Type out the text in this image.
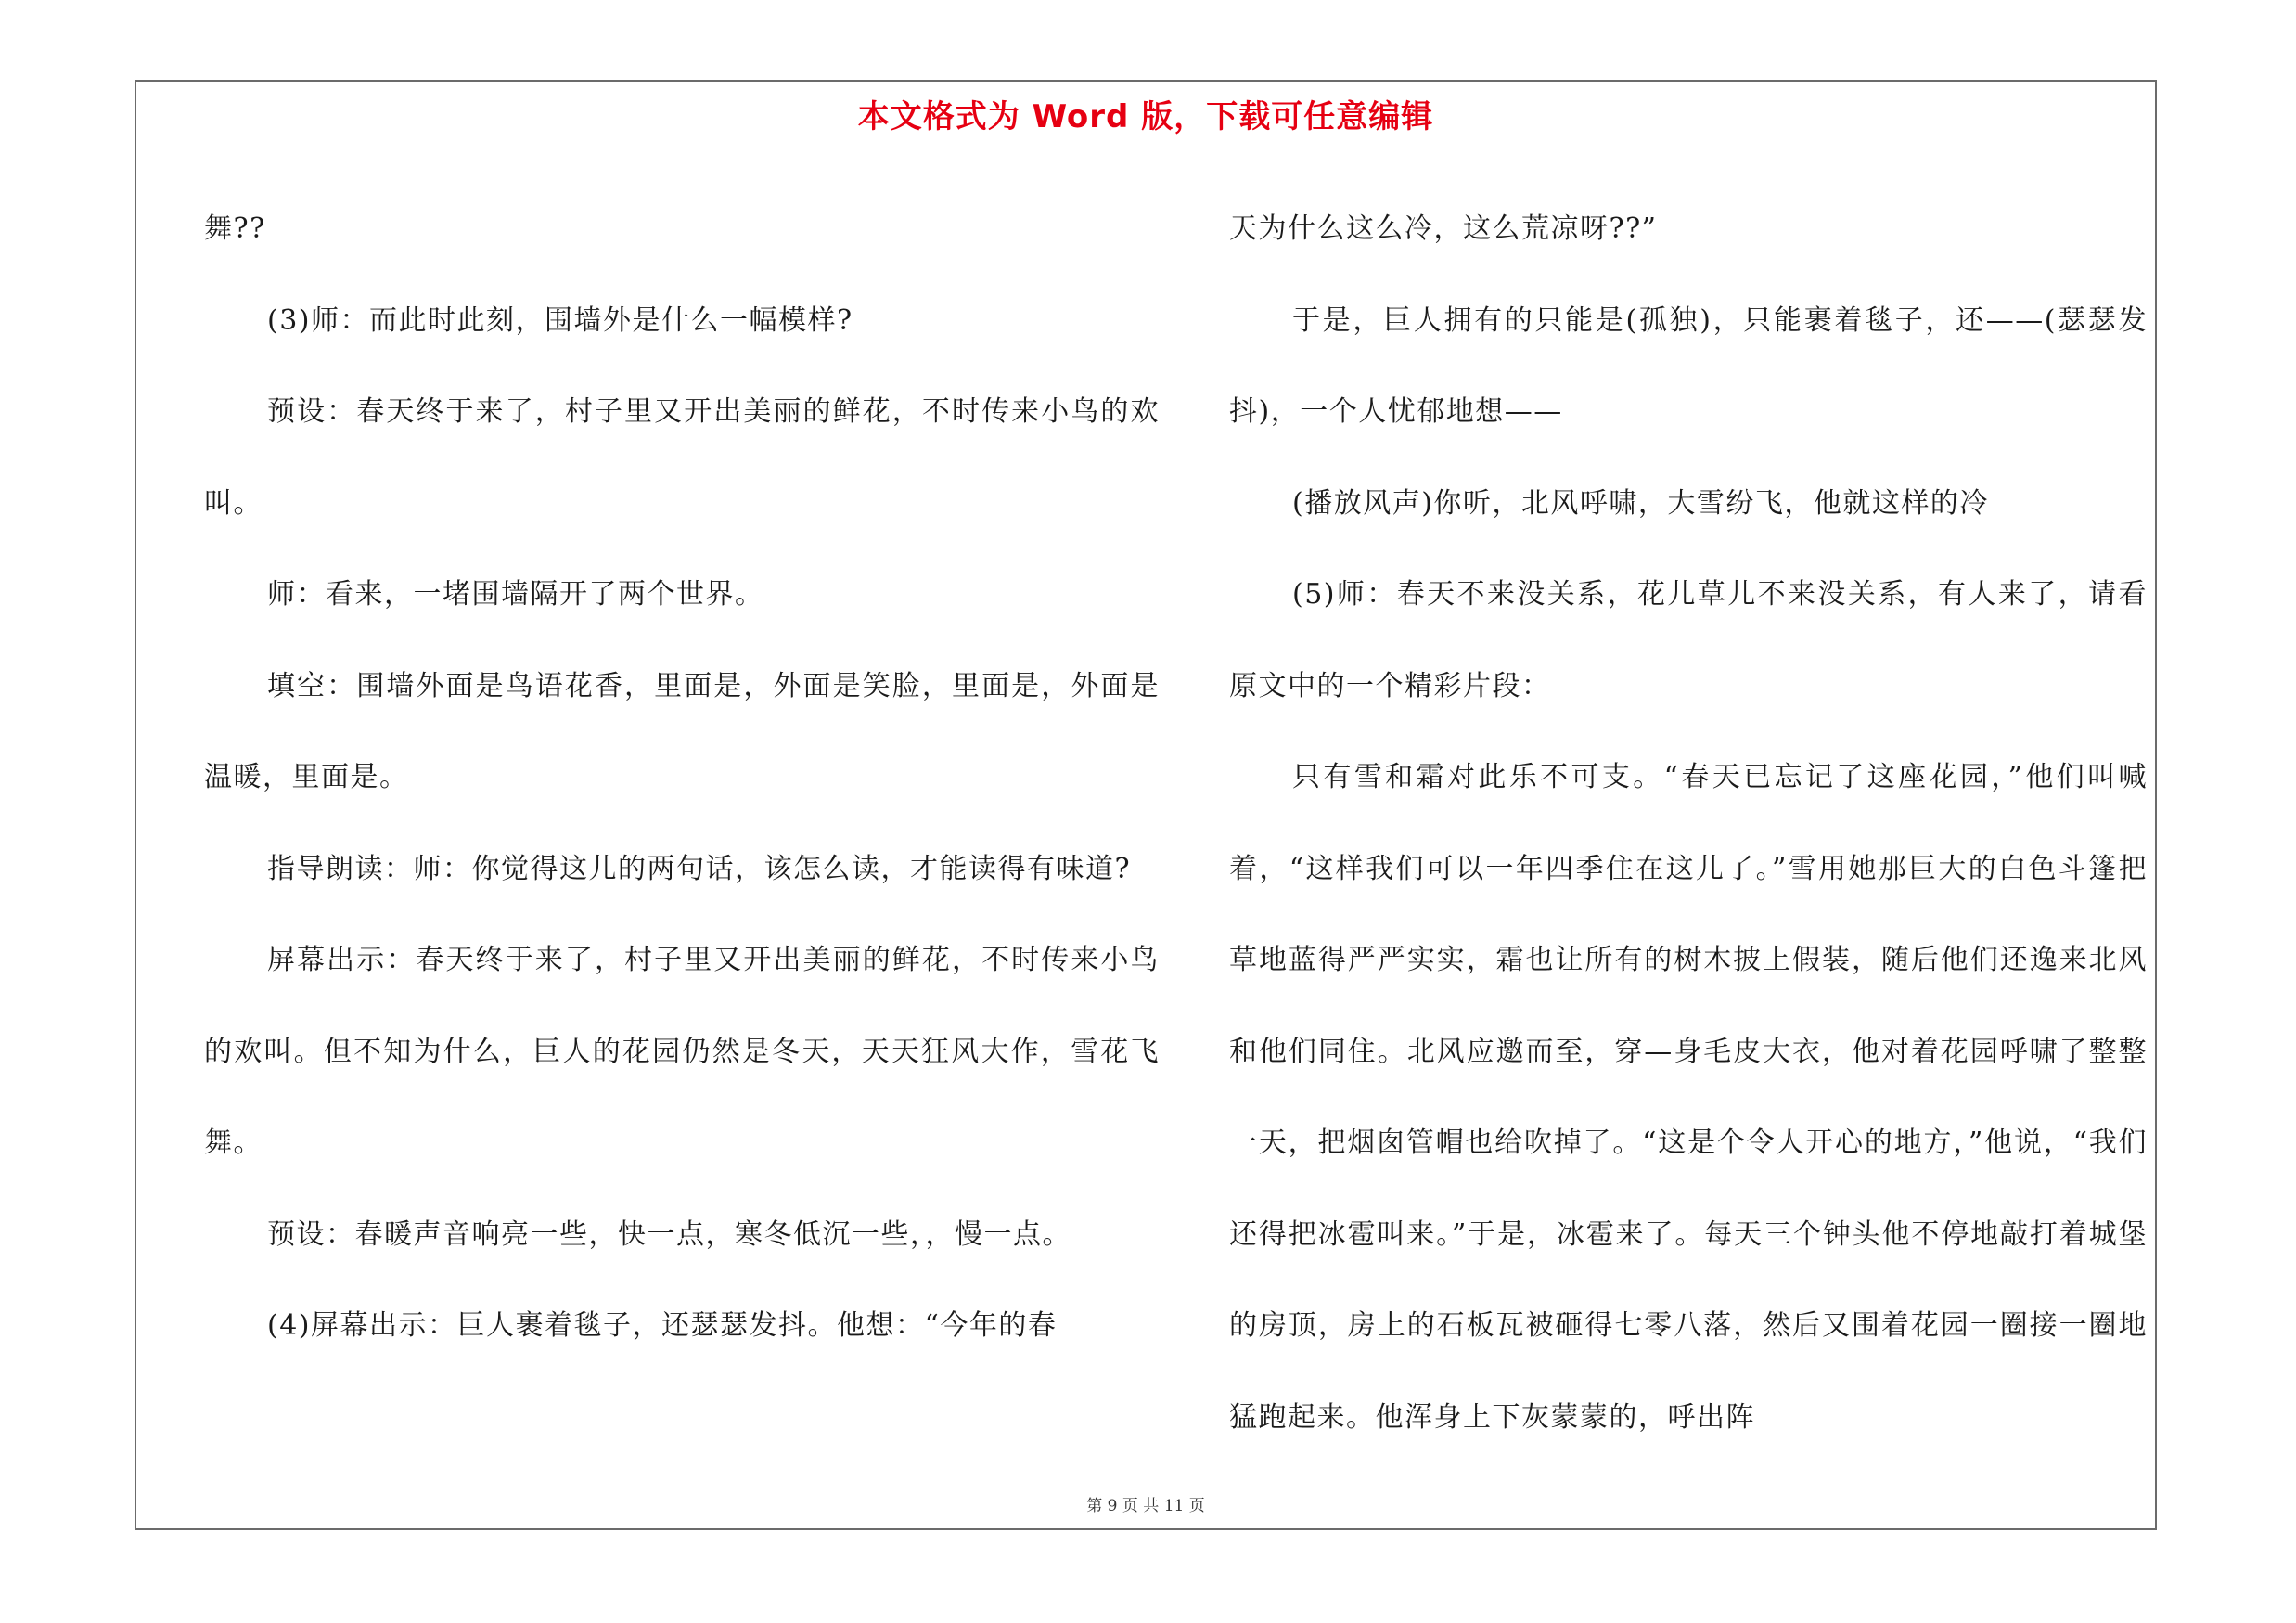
本文格式为 Word 版，下载可任意编辑

舞??

(3)师：而此时此刻，围墙外是什么一幅模样?

预设：春天终于来了，村子里又开出美丽的鲜花，不时传来小鸟的欢叫。

师：看来，一堵围墙隔开了两个世界。

填空：围墙外面是鸟语花香，里面是，外面是笑脸，里面是，外面是温暖，里面是。

指导朗读：师：你觉得这儿的两句话，该怎么读，才能读得有味道?

屏幕出示：春天终于来了，村子里又开出美丽的鲜花，不时传来小鸟的欢叫。但不知为什么，巨人的花园仍然是冬天，天天狂风大作，雪花飞舞。

预设：春暖声音响亮一些，快一点，寒冬低沉一些，，慢一点。

(4)屏幕出示：巨人裹着毯子，还瑟瑟发抖。他想：“今年的春

天为什么这么冷，这么荒凉呀??”

于是，巨人拥有的只能是(孤独)，只能裹着毯子，还——(瑟瑟发抖)，一个人忧郁地想——

(播放风声)你听，北风呼啸，大雪纷飞，他就这样的冷

(5)师：春天不来没关系，花儿草儿不来没关系，有人来了，请看原文中的一个精彩片段：

只有雪和霜对此乐不可支。“春天已忘记了这座花园，”他们叫喊着，“这样我们可以一年四季住在这儿了。”雪用她那巨大的白色斗篷把草地蓝得严严实实，霜也让所有的树木披上假装，随后他们还逸来北风和他们同住。北风应邀而至，穿—身毛皮大衣，他对着花园呼啸了整整一天，把烟囱管帽也给吹掉了。“这是个令人开心的地方，”他说，“我们还得把冰雹叫来。”于是，冰雹来了。每天三个钟头他不停地敲打着城堡的房顶，房上的石板瓦被砸得七零八落，然后又围着花园一圈接一圈地猛跑起来。他浑身上下灰蒙蒙的，呼出阵

第 9 页 共 11 页
